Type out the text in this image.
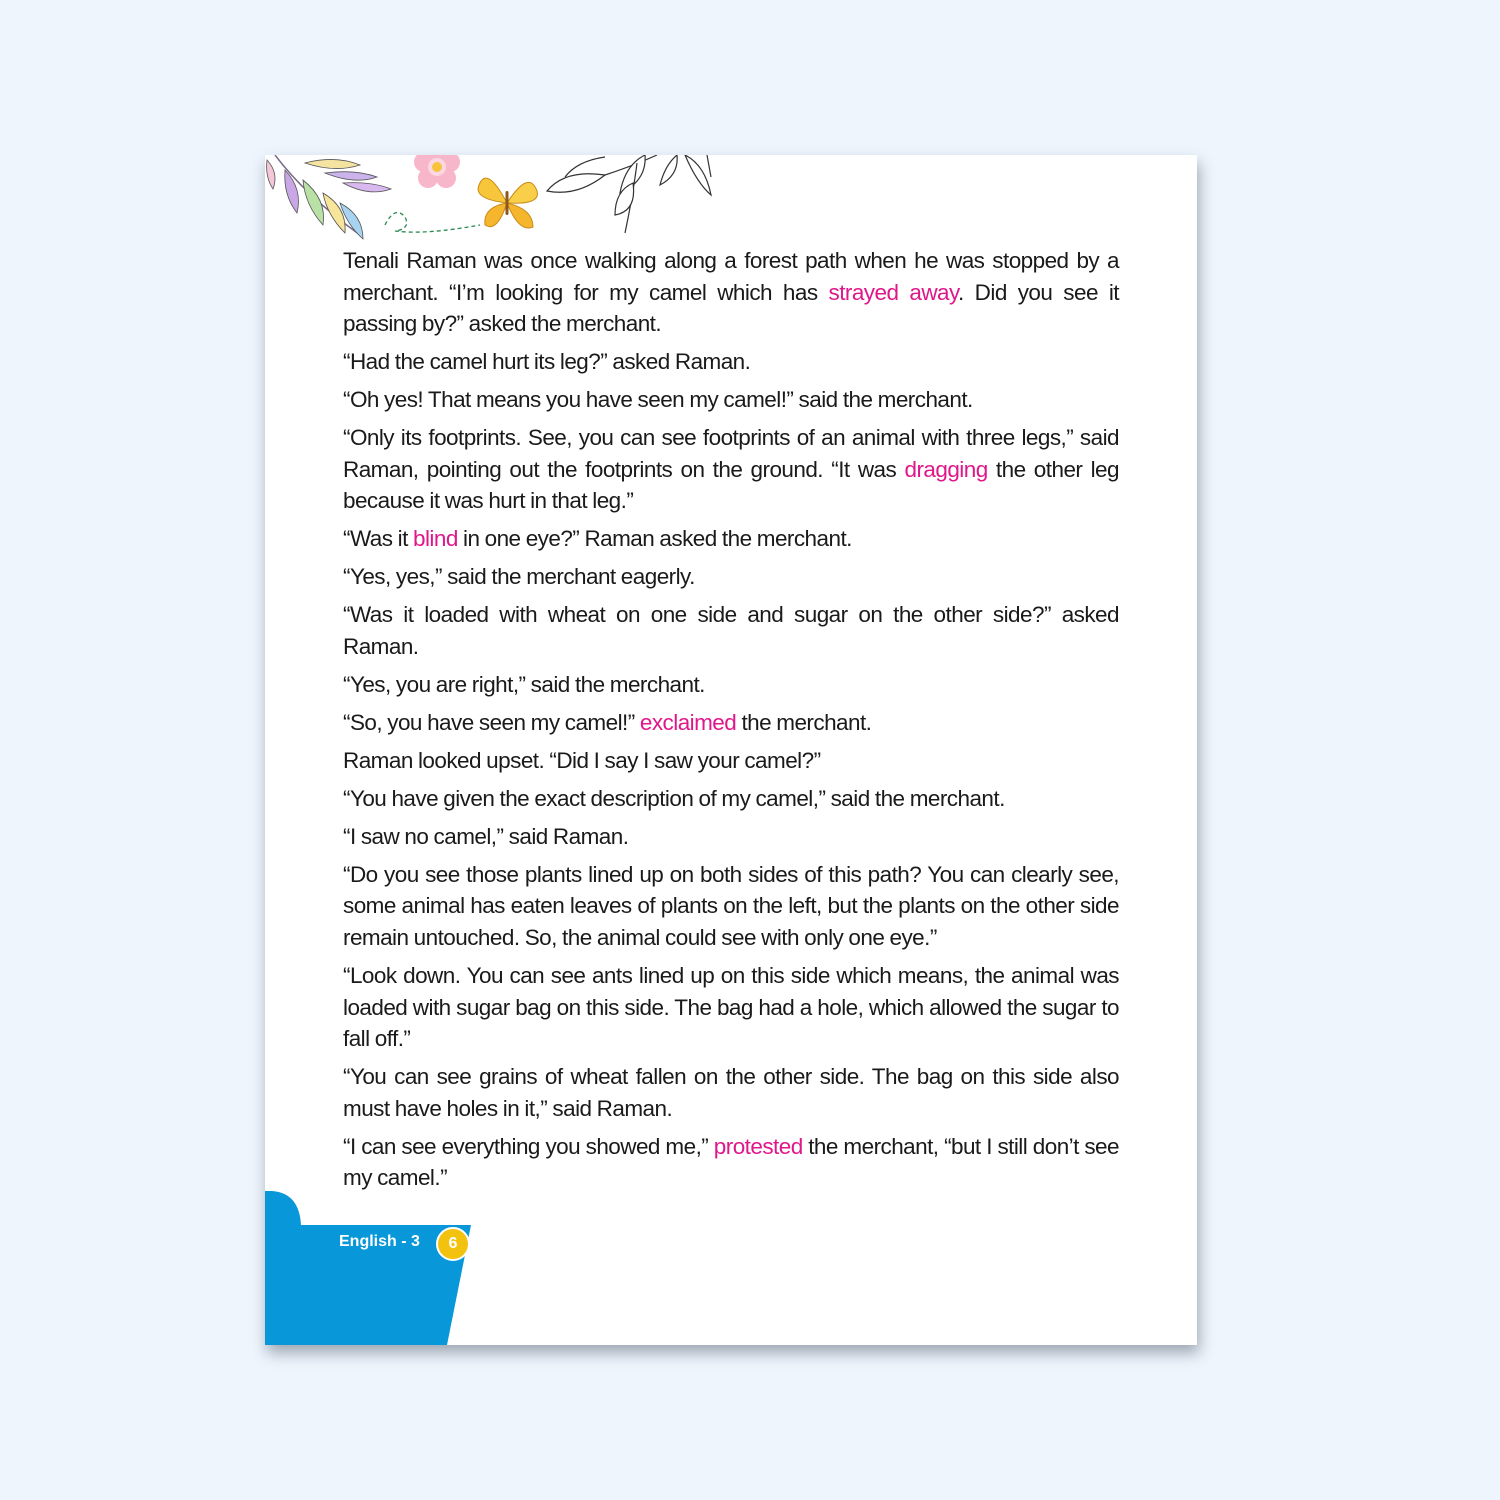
Tenali Raman was once walking along a forest path when he was stopped by a merchant. “I’m looking for my camel which has strayed away. Did you see it passing by?” asked the merchant.

“Had the camel hurt its leg?” asked Raman.

“Oh yes! That means you have seen my camel!” said the merchant.

“Only its footprints. See, you can see footprints of an animal with three legs,” said Raman, pointing out the footprints on the ground. “It was dragging the other leg because it was hurt in that leg.”

“Was it blind in one eye?” Raman asked the merchant.

“Yes, yes,” said the merchant eagerly.

“Was it loaded with wheat on one side and sugar on the other side?” asked Raman.

“Yes, you are right,” said the merchant.

“So, you have seen my camel!” exclaimed the merchant.

Raman looked upset. “Did I say I saw your camel?”

“You have given the exact description of my camel,” said the merchant.

“I saw no camel,” said Raman.

“Do you see those plants lined up on both sides of this path? You can clearly see, some animal has eaten leaves of plants on the left, but the plants on the other side remain untouched. So, the animal could see with only one eye.”

“Look down. You can see ants lined up on this side which means, the animal was loaded with sugar bag on this side. The bag had a hole, which allowed the sugar to fall off.”

“You can see grains of wheat fallen on the other side. The bag on this side also must have holes in it,” said Raman.

“I can see everything you showed me,” protested the merchant, “but I still don’t see my camel.”

English - 3	6
